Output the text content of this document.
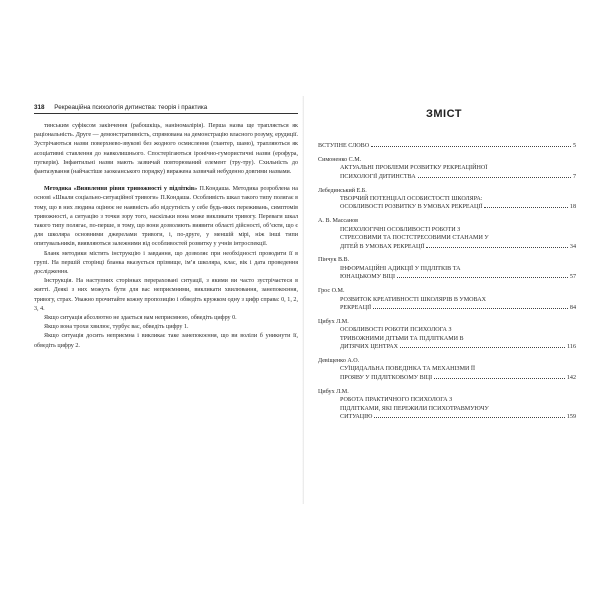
318 Рекреаційна психологія дитинства: теорія і практика

тинським суфіксом закінчення (рабошкіць, наніномалірія). Перша назва ще трапляється як раціональність. Друге — демонстративність, спрямована на демонстрацію власного розуму, ерудиції. Зустрічаються назви поверхнево-звукові без жодного осмислення (глантер, шамо), трапляються як асоціативні ставлення до навколишнього. Спостерігаються іронічно-гумористичні назви (ерофура, пугкерія). Інфантильні назви мають зазвичай повторюваний елемент (тру-тру). Схильність до фантазування (найчастіше заокеанського порядку) виражена зазвичай небуденно довгими назвами.

Методика «Виявлення рівня тривожності у підлітків» П.Кондаша. Методика розроблена на основі «Шкали соціально-ситуаційної тривоги» П.Кондаша. Особливість шкал такого типу полягає в тому, що в них людина оцінює не наявність або відсутність у себе будь-яких переживань, симптомів тривожності, а ситуацію з точки зору того, наскільки вона може викликати тривогу. Переваги шкал такого типу полягає, по-перше, в тому, що вони дозволяють виявити області дійсності, об’єкти, що є для школяра основними джерелами тривоги, і, по-друге, у меншій мірі, ніж інші типи опитувальників, виявляються залежними від особливостей розвитку у учнів інтроспекції.

Бланк методики містить інструкцію і завдання, що дозволяє при необхідності проводити її в групі. На першій сторінці бланка вказується прізвище, ім’я школяра, клас, вік і дата проведення дослідження.

Інструкція. На наступних сторінках перераховані ситуації, з якими ви часто зустрічаєтеся в житті. Деякі з них можуть бути для вас неприємними, викликати хвилювання, занепокоєння, тривогу, страх. Уважно прочитайте кожну пропозицію і обведіть кружком одну з цифр справа: 0, 1, 2, 3, 4.

Якщо ситуація абсолютно не здається вам неприємною, обведіть цифру 0.

Якщо вона трохи хвилює, турбує вас, обведіть цифру 1.

Якщо ситуація досить неприємна і викликає таке занепокоєння, що ви воліли б уникнути її, обведіть цифру 2.

ЗМІСТ
ВСТУПНЕ СЛОВО	5
Симоненко С.М.
АКТУАЛЬНІ ПРОБЛЕМИ РОЗВИТКУ РЕКРЕАЦІЙНОЇ
ПСИХОЛОГІЇ ДИТИНСТВА	7
Лебединський Е.Б.
ТВОРЧИЙ ПОТЕНЦІАЛ ОСОБИСТОСТІ ШКОЛЯРА:
ОСОБЛИВОСТІ РОЗВИТКУ В УМОВАХ РЕКРЕАЦІЇ	18
А. В. Массанов
ПСИХОЛОГІЧНІ ОСОБЛИВОСТІ РОБОТИ З
СТРЕСОВИМИ ТА ПОСТСТРЕСОВИМИ СТАНАМИ У
ДІТЕЙ В УМОВАХ РЕКРЕАЦІЇ	34
Пінчук В.В.
ІНФОРМАЦІЙНІ АДИКЦІЇ У ПІДЛІТКІВ ТА
ЮНАЦЬКОМУ ВІЦІ	57
Грос О.М.
РОЗВИТОК КРЕАТИВНОСТІ ШКОЛЯРІВ В УМОВАХ
РЕКРЕАЦІЇ	84
Цибух Л.М.
ОСОБЛИВОСТІ РОБОТИ ПСИХОЛОГА З
ТРИВОЖНИМИ ДІТЬМИ ТА ПІДЛІТКАМИ В
ДИТЯЧИХ ЦЕНТРАХ	116
Девіщенко А.О.
СУЇЦИДАЛЬНА ПОВЕДІНКА ТА МЕХАНІЗМИ ЇЇ
ПРОЯВУ У ПІДЛІТКОВОМУ ВІЦІ	142
Цибух Л.М.
РОБОТА ПРАКТИЧНОГО ПСИХОЛОГА З
ПІДЛІТКАМИ, ЯКІ ПЕРЕЖИЛИ ПСИХОТРАВМУЮЧУ
СИТУАЦІЮ	159
